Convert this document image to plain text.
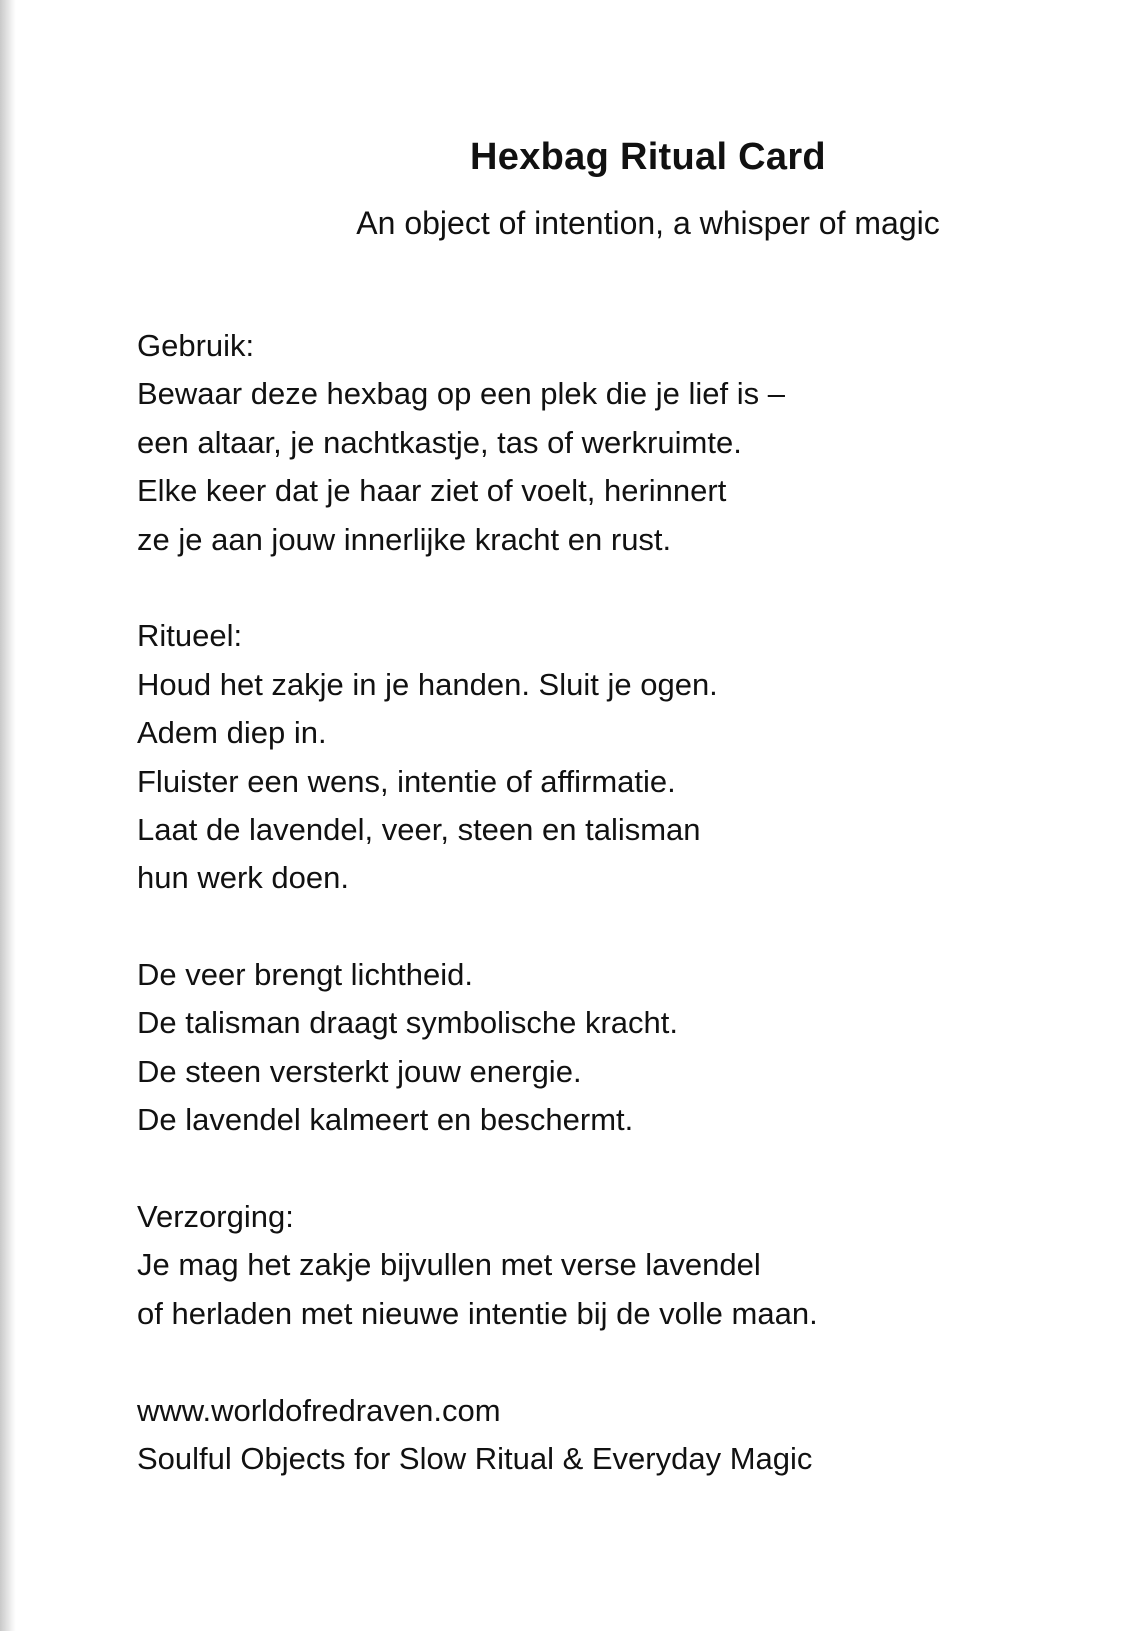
Hexbag Ritual Card
An object of intention, a whisper of magic
Gebruik:
Bewaar deze hexbag op een plek die je lief is –
een altaar, je nachtkastje, tas of werkruimte.
Elke keer dat je haar ziet of voelt, herinnert
ze je aan jouw innerlijke kracht en rust.
Ritueel:
Houd het zakje in je handen. Sluit je ogen.
Adem diep in.
Fluister een wens, intentie of affirmatie.
Laat de lavendel, veer, steen en talisman
hun werk doen.
De veer brengt lichtheid.
De talisman draagt symbolische kracht.
De steen versterkt jouw energie.
De lavendel kalmeert en beschermt.
Verzorging:
Je mag het zakje bijvullen met verse lavendel
of herladen met nieuwe intentie bij de volle maan.
www.worldofredraven.com
Soulful Objects for Slow Ritual & Everyday Magic
